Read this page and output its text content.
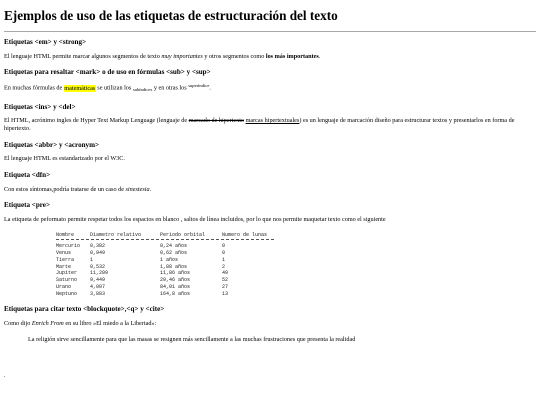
Ejemplos de uso de las etiquetas de estructuración del texto
Etiquetas <em> y <strong>

El lenguaje HTML permite marcar algunos segmentos de texto muy importantes y otros segmentos como los más importantes.

Etiquetas para resaltar <mark> o de uso en fórmulas <sub> y <sup>

En muchas fórmulas de matemáticas se utilizan los $_{subíndices}$ y en otras los $^{superíndice}$.

Etiquetas <ins> y <del>

El HTML, acrónimo ingles de Hyper Text Markup Lenguage (lenguaje de marcado de hipertexto marcas hipertextuales) es un lenguaje de marcación diseño para estructurar textos y presentarlos en forma de hipertexto.

Etiquetas <abbr> y <acronym>

El lenguaje HTML es estandarizado por el W3C.

Etiqueta <dfn>

Con estos síntomas,podría tratarse de un caso de sinestesia.

Etiqueta <pre>

La etiqueta de peformato permite respetar todos los espacios en blanco , saltos de línea incluidos, por lo que nos permite maquetar texto como el siguiente

Nombre	Diametro relativo	Periodo orbital	Numero de lunas
Mercurio	0,382	0,24 años	0
Venus	0,949	0,62 años	0
Tierra	1	1 años	1
Marte	0,532	1,88 años	2
Jupiter	11,209	11,86 años	49
Saturno	9,449	29,46 años	52
Urano	4,007	84,01 años	27
Neptuno	3,883	164,8 años	13
Etiquetas para citar texto <blockquote>,<q> y <cite>

Como dijo Enrich From en su libro »El miedo a la Libertad»:

La religión sirve sencillamente para que las masas se resignen más sencillamente a las muchas frustraciones que presenta la realidad
.
